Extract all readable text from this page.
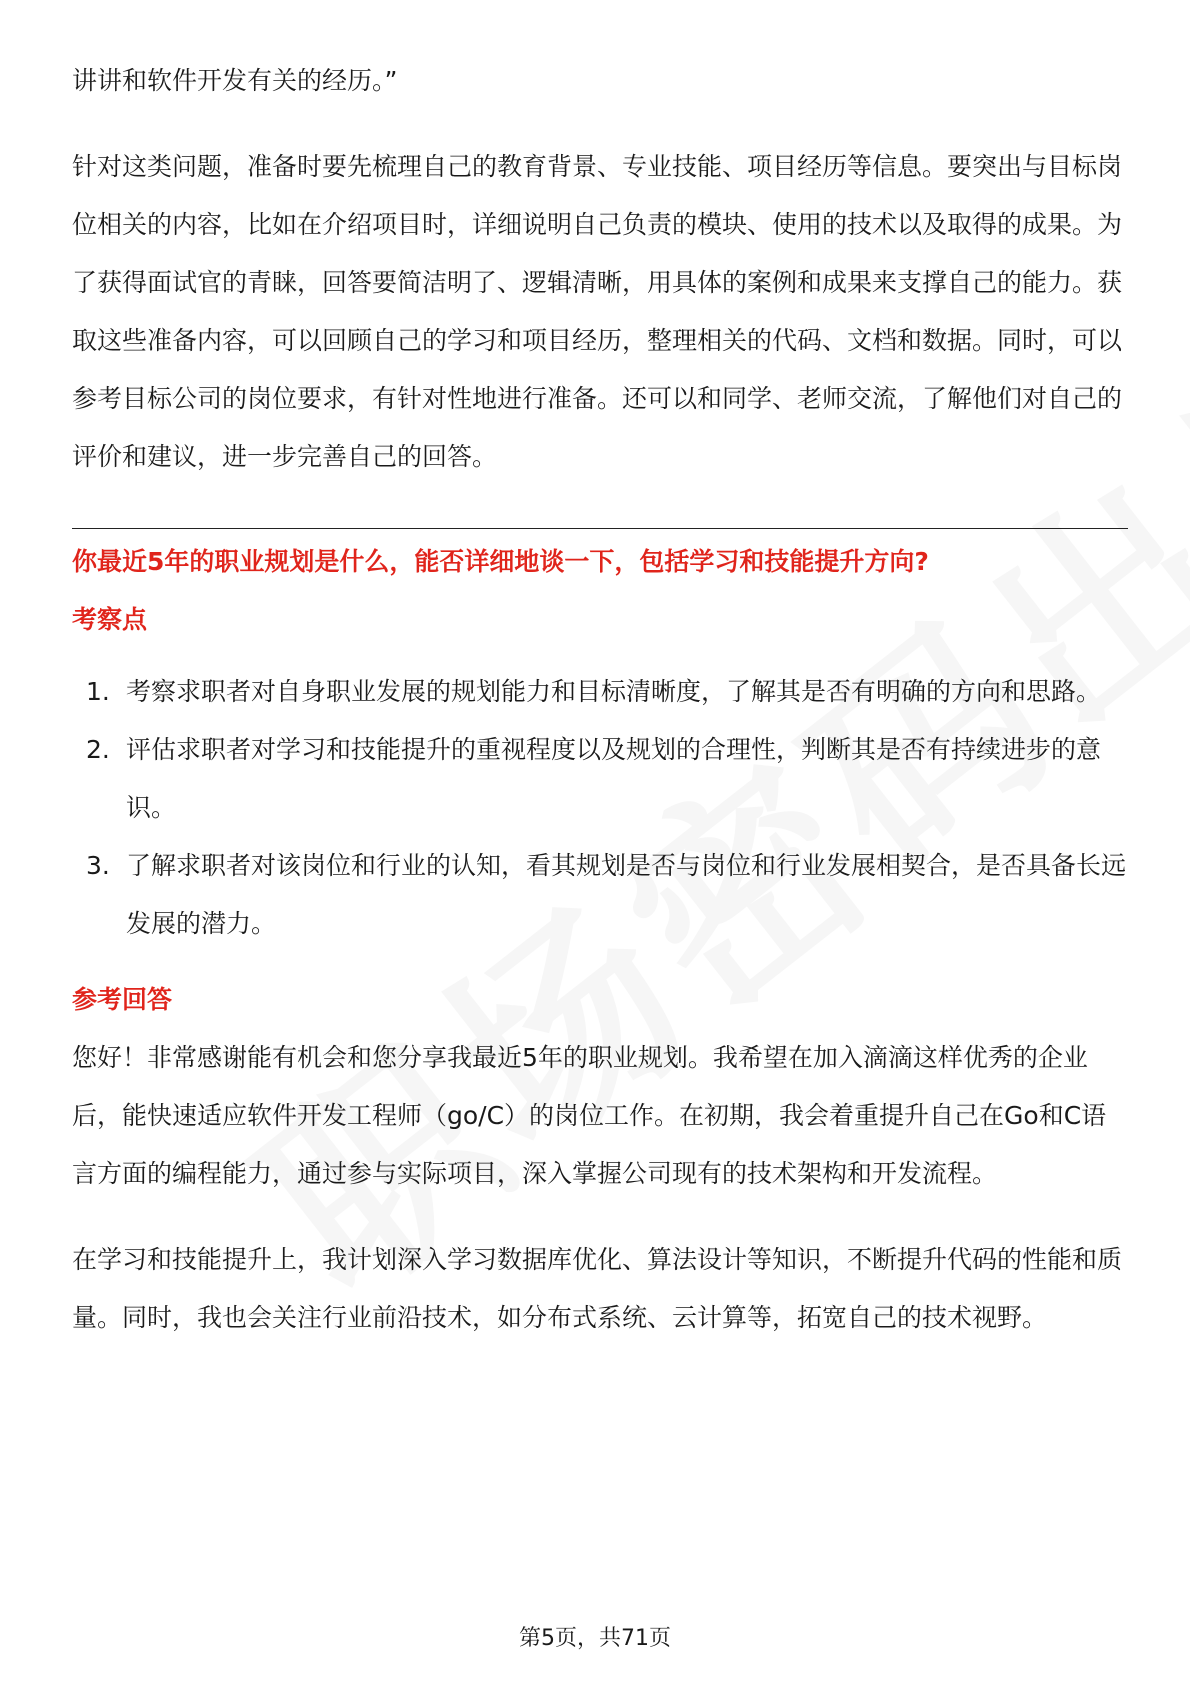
讲讲和软件开发有关的经历。”

针对这类问题，准备时要先梳理自己的教育背景、专业技能、项目经历等信息。要突出与目标岗位相关的内容，比如在介绍项目时，详细说明自己负责的模块、使用的技术以及取得的成果。为了获得面试官的青睐，回答要简洁明了、逻辑清晰，用具体的案例和成果来支撑自己的能力。获取这些准备内容，可以回顾自己的学习和项目经历，整理相关的代码、文档和数据。同时，可以参考目标公司的岗位要求，有针对性地进行准备。还可以和同学、老师交流，了解他们对自己的评价和建议，进一步完善自己的回答。

你最近5年的职业规划是什么，能否详细地谈一下，包括学习和技能提升方向?
考察点
1. 考察求职者对自身职业发展的规划能力和目标清晰度，了解其是否有明确的方向和思路。
2. 评估求职者对学习和技能提升的重视程度以及规划的合理性，判断其是否有持续进步的意识。
3. 了解求职者对该岗位和行业的认知，看其规划是否与岗位和行业发展相契合，是否具备长远发展的潜力。
参考回答

您好！非常感谢能有机会和您分享我最近5年的职业规划。我希望在加入滴滴这样优秀的企业后，能快速适应软件开发工程师（go/C）的岗位工作。在初期，我会着重提升自己在Go和C语言方面的编程能力，通过参与实际项目，深入掌握公司现有的技术架构和开发流程。

在学习和技能提升上，我计划深入学习数据库优化、算法设计等知识，不断提升代码的性能和质量。同时，我也会关注行业前沿技术，如分布式系统、云计算等，拓宽自己的技术视野。

第5页，共71页
